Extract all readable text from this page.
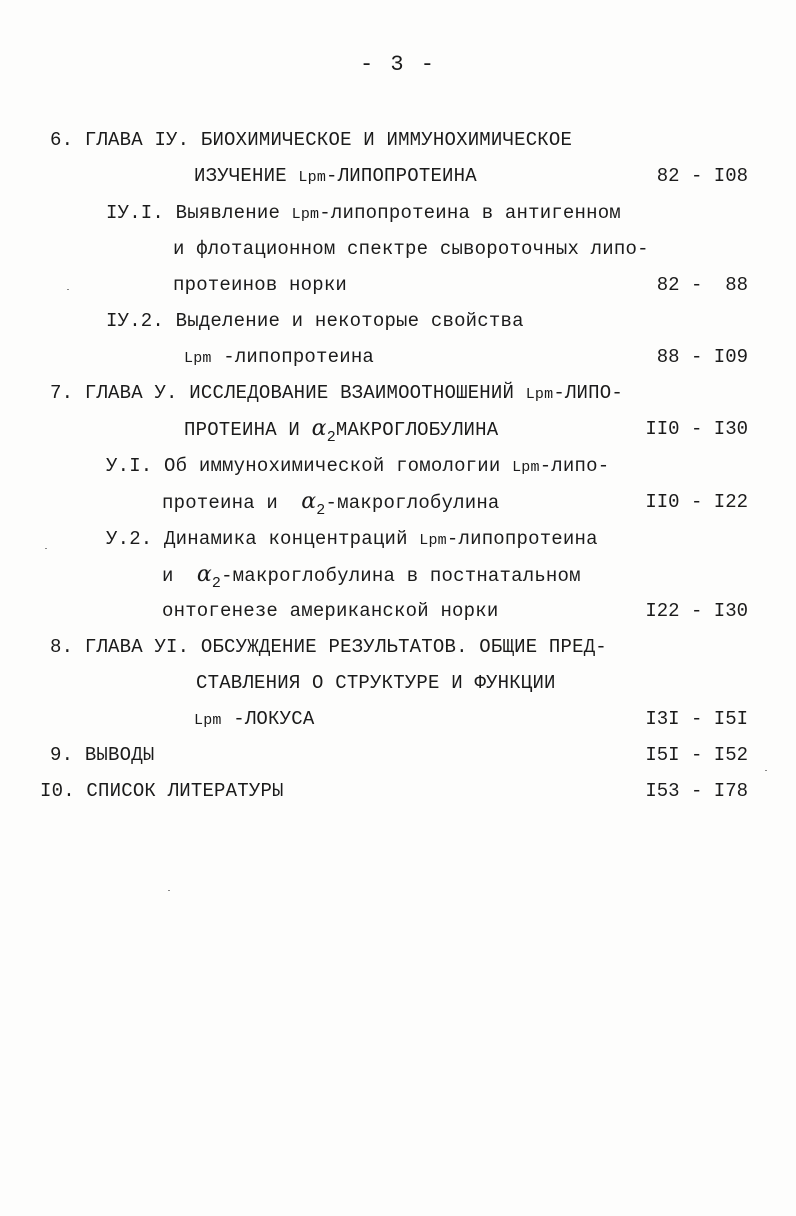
- 3 -
6. ГЛАВА IУ. БИОХИМИЧЕСКОЕ И ИММУНОХИМИЧЕСКОЕ
ИЗУЧЕНИЕ Lpm-ЛИПОПРОТЕИНА	82 - I08
IУ.I. Выявление Lpm-липопротеина в антигенном
и флотационном спектре сывороточных липо-
протеинов норки	82 -  88
IУ.2. Выделение и некоторые свойства
Lpm -липопротеина	88 - I09
7. ГЛАВА У. ИССЛЕДОВАНИЕ ВЗАИМООТНОШЕНИЙ Lpm-ЛИПО-
ПРОТЕИНА И $\alpha_2МАКРОГЛОБУЛИНА$	II0 - I30
У.I. Об иммунохимической гомологии Lpm-липо-
протеина и  $\alpha_2$-макроглобулина	II0 - I22
У.2. Динамика концентраций Lpm-липопротеина
и  $\alpha_2$-макроглобулина в постнатальном
онтогенезе американской норки	I22 - I30
8. ГЛАВА УI. ОБСУЖДЕНИЕ РЕЗУЛЬТАТОВ. ОБЩИЕ ПРЕД-
СТАВЛЕНИЯ О СТРУКТУРЕ И ФУНКЦИИ
Lpm -ЛОКУСА	I3I - I5I
9. ВЫВОДЫ	I5I - I52
I0. СПИСОК ЛИТЕРАТУРЫ	I53 - I78
